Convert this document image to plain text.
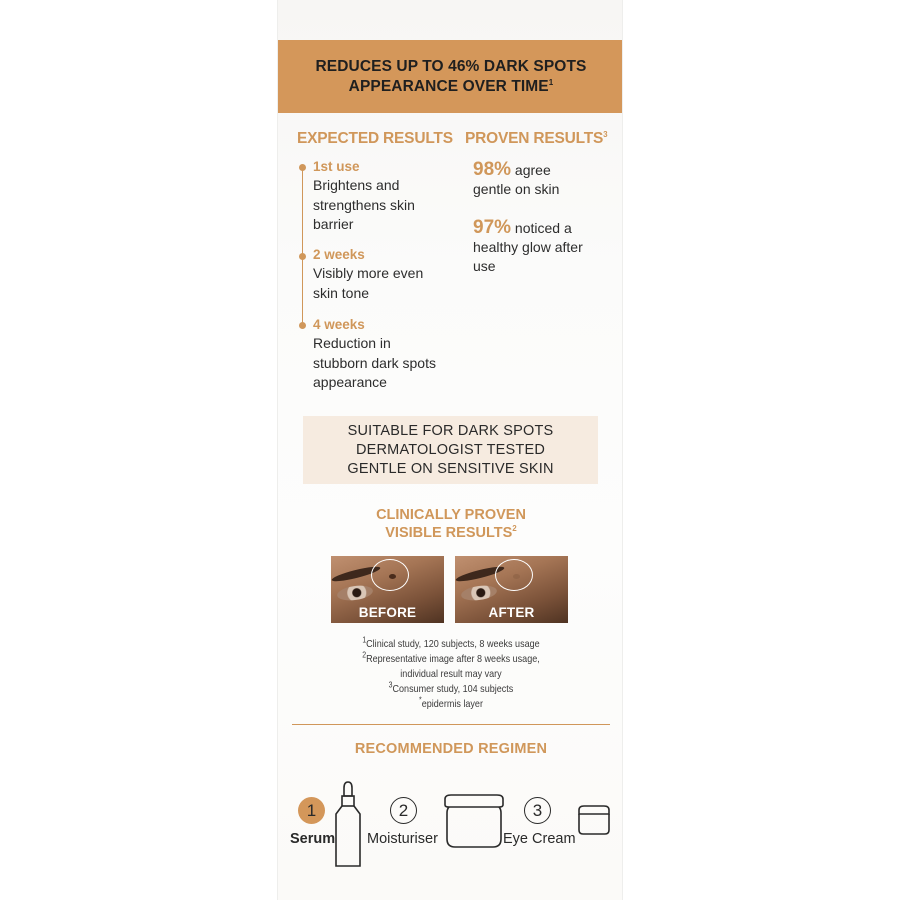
REDUCES UP TO 46% DARK SPOTS
APPEARANCE OVER TIME$^1$
EXPECTED RESULTS PROVEN RESULTS$^3$
1st use
Brightens and
strengthens skin
barrier
2 weeks
Visibly more even
skin tone
4 weeks
Reduction in
stubborn dark spots
appearance
98% agree
gentle on skin
97% noticed a
healthy glow after
use
SUITABLE FOR DARK SPOTS
DERMATOLOGIST TESTED
GENTLE ON SENSITIVE SKIN
CLINICALLY PROVEN
VISIBLE RESULTS$^2$
BEFORE	AFTER
$^1$Clinical study, 120 subjects, 8 weeks usage
$^2$Representative image after 8 weeks usage,
individual result may vary
$^3$Consumer study, 104 subjects
*epidermis layer
RECOMMENDED REGIMEN
1	2	3
Serum Moisturiser	Eye Cream
